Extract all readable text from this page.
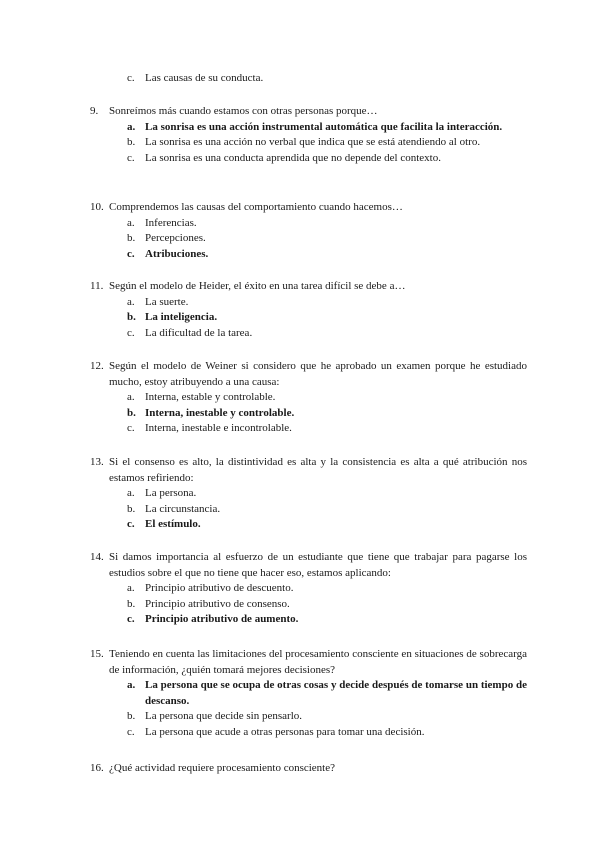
c. Las causas de su conducta.
9. Sonreímos más cuando estamos con otras personas porque…
a. La sonrisa es una acción instrumental automática que facilita la interacción.
b. La sonrisa es una acción no verbal que indica que se está atendiendo al otro.
c. La sonrisa es una conducta aprendida que no depende del contexto.
10. Comprendemos las causas del comportamiento cuando hacemos…
a. Inferencias.
b. Percepciones.
c. Atribuciones.
11. Según el modelo de Heider, el éxito en una tarea difícil se debe a…
a. La suerte.
b. La inteligencia.
c. La dificultad de la tarea.
12. Según el modelo de Weiner si considero que he aprobado un examen porque he estudiado mucho, estoy atribuyendo a una causa:
a. Interna, estable y controlable.
b. Interna, inestable y controlable.
c. Interna, inestable e incontrolable.
13. Si el consenso es alto, la distintividad es alta y la consistencia es alta a qué atribución nos estamos refiriendo:
a. La persona.
b. La circunstancia.
c. El estímulo.
14. Si damos importancia al esfuerzo de un estudiante que tiene que trabajar para pagarse los estudios sobre el que no tiene que hacer eso, estamos aplicando:
a. Principio atributivo de descuento.
b. Principio atributivo de consenso.
c. Principio atributivo de aumento.
15. Teniendo en cuenta las limitaciones del procesamiento consciente en situaciones de sobrecarga de información, ¿quién tomará mejores decisiones?
a. La persona que se ocupa de otras cosas y decide después de tomarse un tiempo de descanso.
b. La persona que decide sin pensarlo.
c. La persona que acude a otras personas para tomar una decisión.
16. ¿Qué actividad requiere procesamiento consciente?
